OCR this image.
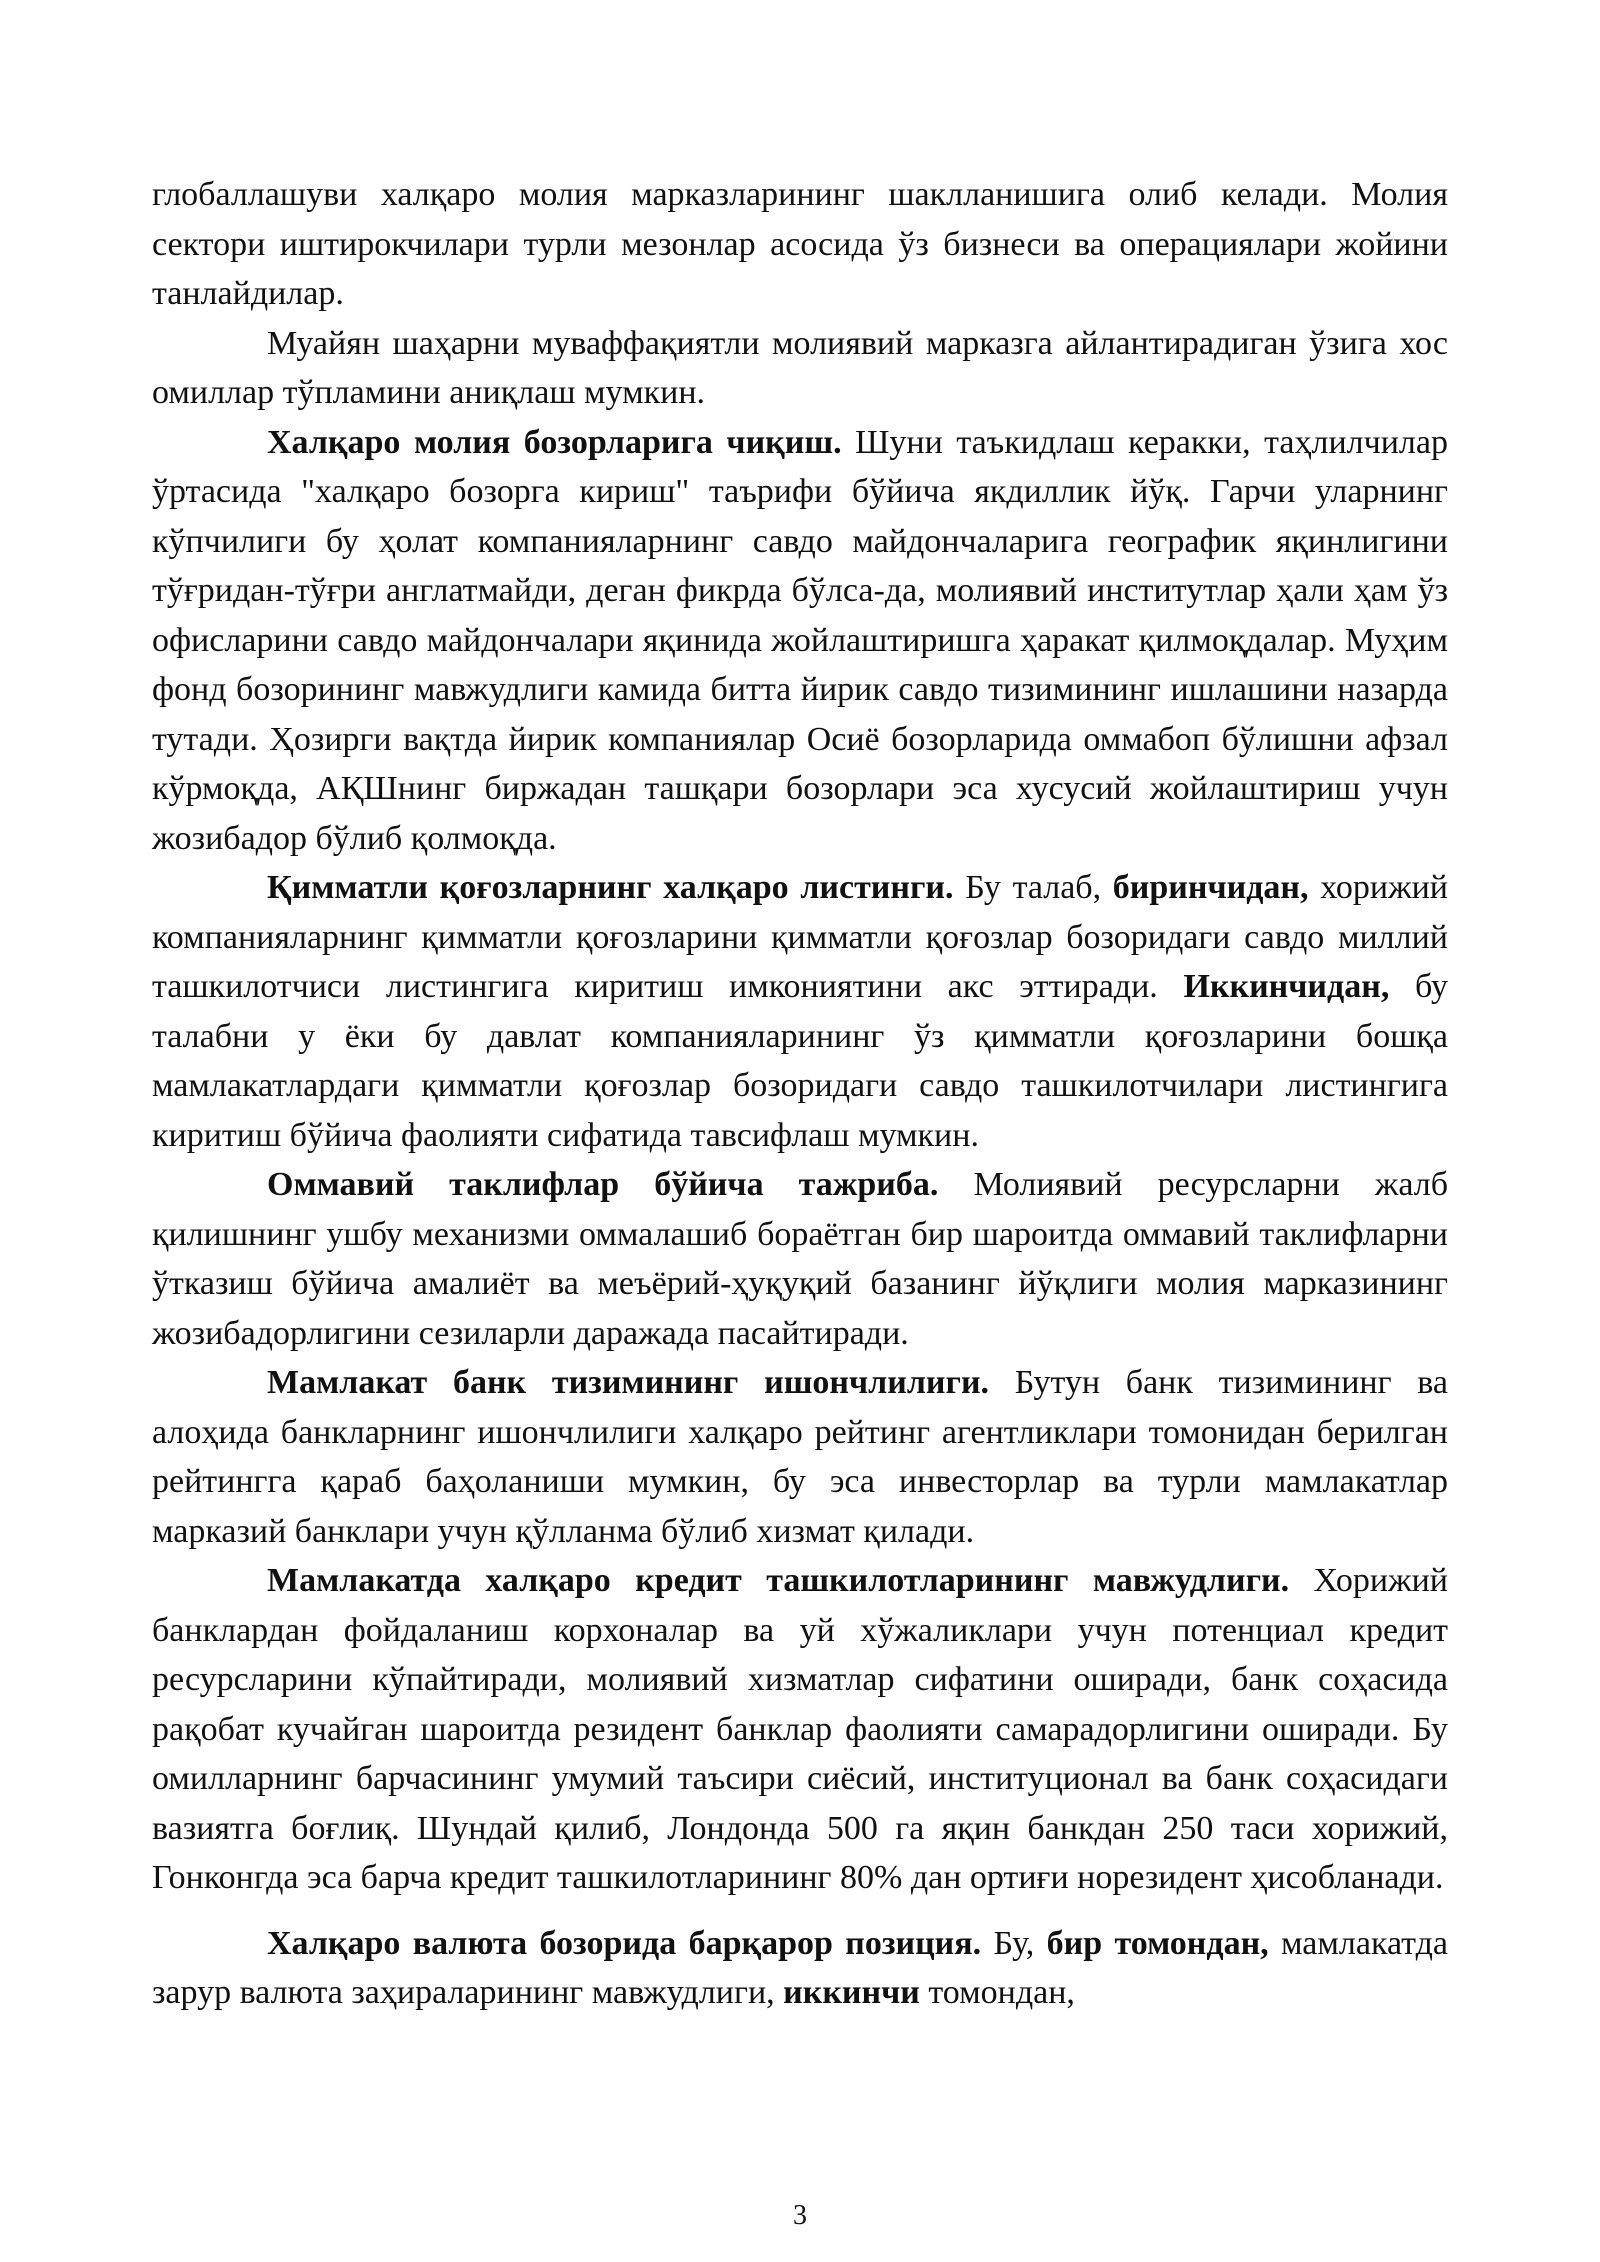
глобаллашуви халқаро молия марказларининг шаклланишига олиб келади. Молия сектори иштирокчилари турли мезонлар асосида ўз бизнеси ва операциялари жойини танлайдилар.

Муайян шаҳарни муваффақиятли молиявий марказга айлантирадиган ўзига хос омиллар тўпламини аниқлаш мумкин.

Халқаро молия бозорларига чиқиш. Шуни таъкидлаш керакки, таҳлилчилар ўртасида "халқаро бозорга кириш" таърифи бўйича якдиллик йўқ. Гарчи уларнинг кўпчилиги бу ҳолат компанияларнинг савдо майдончаларига географик яқинлигини тўғридан-тўғри англатмайди, деган фикрда бўлса-да, молиявий институтлар ҳали ҳам ўз офисларини савдо майдончалари яқинида жойлаштиришга ҳаракат қилмоқдалар. Муҳим фонд бозорининг мавжудлиги камида битта йирик савдо тизимининг ишлашини назарда тутади. Ҳозирги вақтда йирик компаниялар Осиё бозорларида оммабоп бўлишни афзал кўрмоқда, АҚШнинг биржадан ташқари бозорлари эса хусусий жойлаштириш учун жозибадор бўлиб қолмоқда.

Қимматли қоғозларнинг халқаро листинги. Бу талаб, биринчидан, хорижий компанияларнинг қимматли қоғозларини қимматли қоғозлар бозоридаги савдо миллий ташкилотчиси листингига киритиш имкониятини акс эттиради. Иккинчидан, бу талабни у ёки бу давлат компанияларининг ўз қимматли қоғозларини бошқа мамлакатлардаги қимматли қоғозлар бозоридаги савдо ташкилотчилари листингига киритиш бўйича фаолияти сифатида тавсифлаш мумкин.

Оммавий таклифлар бўйича тажриба. Молиявий ресурсларни жалб қилишнинг ушбу механизми оммалашиб бораётган бир шароитда оммавий таклифларни ўтказиш бўйича амалиёт ва меъёрий-ҳуқуқий базанинг йўқлиги молия марказининг жозибадорлигини сезиларли даражада пасайтиради.

Мамлакат банк тизимининг ишончлилиги. Бутун банк тизимининг ва алоҳида банкларнинг ишончлилиги халқаро рейтинг агентликлари томонидан берилган рейтингга қараб баҳоланиши мумкин, бу эса инвесторлар ва турли мамлакатлар марказий банклари учун қўлланма бўлиб хизмат қилади.

Мамлакатда халқаро кредит ташкилотларининг мавжудлиги. Хорижий банклардан фойдаланиш корхоналар ва уй хўжаликлари учун потенциал кредит ресурсларини кўпайтиради, молиявий хизматлар сифатини оширади, банк соҳасида рақобат кучайган шароитда резидент банклар фаолияти самарадорлигини оширади. Бу омилларнинг барчасининг умумий таъсири сиёсий, институционал ва банк соҳасидаги вазиятга боғлиқ. Шундай қилиб, Лондонда 500 га яқин банкдан 250 таси хорижий, Гонконгда эса барча кредит ташкилотларининг 80% дан ортиғи норезидент ҳисобланади.

Халқаро валюта бозорида барқарор позиция. Бу, бир томондан, мамлакатда зарур валюта заҳираларининг мавжудлиги, иккинчи томондан,

3
